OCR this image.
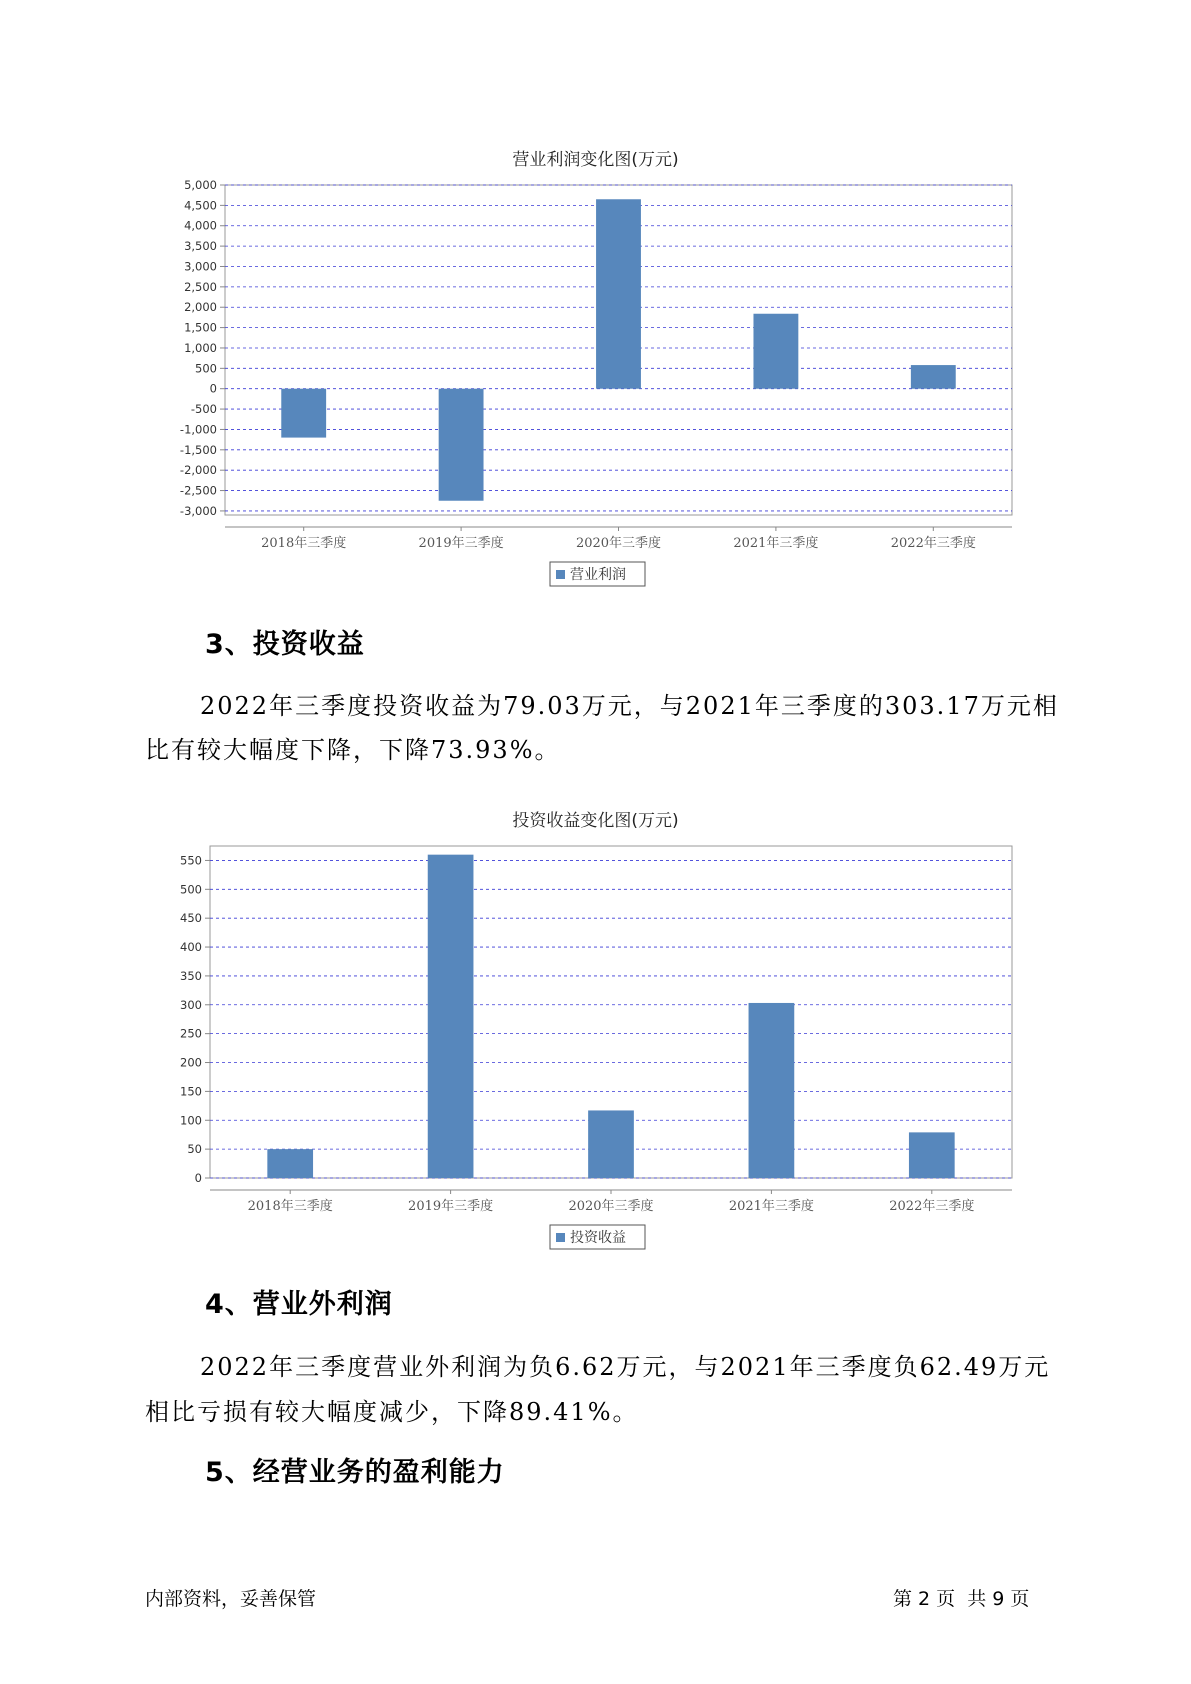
营业利润变化图(万元)
5,000
4,500
4,000
3,500
3,000
2,500
2,000
1,500
1,000
500
0
-500
-1,000
-1,500
-2,000
-2,500
-3,000
2018年三季度	2019年三季度	2020年三季度	2021年三季度	2022年三季度
营业利润
3、投资收益
2022年三季度投资收益为79.03万元，与2021年三季度的303.17万元相
比有较大幅度下降，下降73.93%。
投资收益变化图(万元)
550
500
450
400
350
300
250
200
150
100
50
0
2018年三季度	2019年三季度	2020年三季度	2021年三季度	2022年三季度
投资收益
4、营业外利润
2022年三季度营业外利润为负6.62万元，与2021年三季度负62.49万元
相比亏损有较大幅度减少，下降89.41%。
5、经营业务的盈利能力
内部资料，妥善保管	第 2 页  共 9 页
